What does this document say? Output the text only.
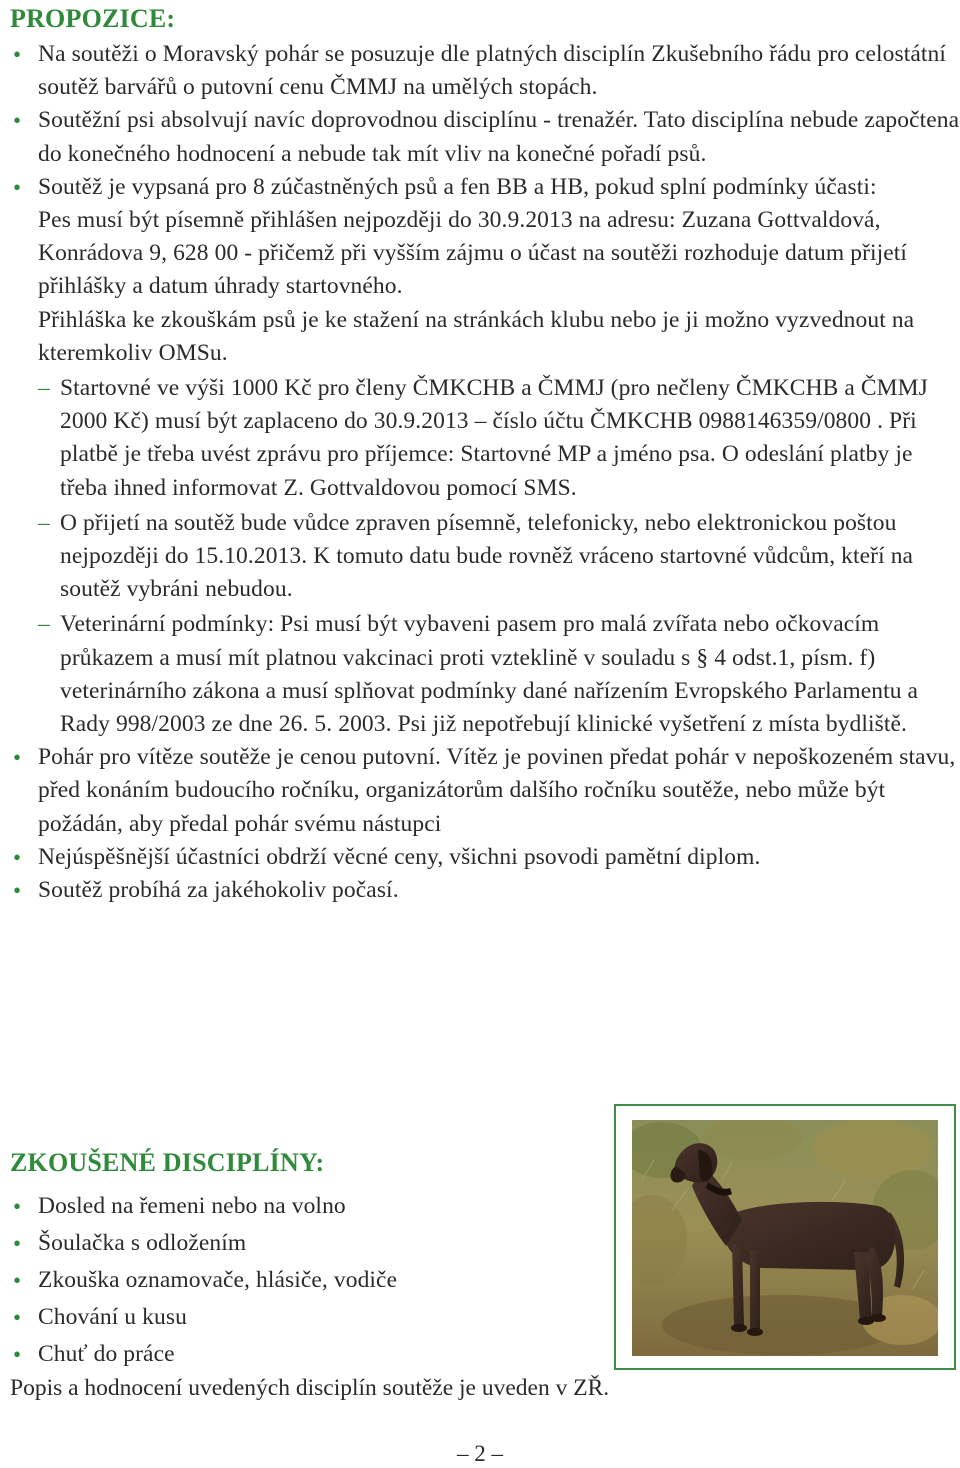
PROPOZICE:
• Na soutěži o Moravský pohár se posuzuje dle platných disciplín Zkušebního řádu pro celostátní soutěž barvářů o putovní cenu ČMMJ na umělých stopách.
• Soutěžní psi absolvují navíc doprovodnou disciplínu - trenažér. Tato disciplína nebude započtena do konečného hodnocení a nebude tak mít vliv na konečné pořadí psů.
• Soutěž je vypsaná pro 8 zúčastněných psů a fen BB a HB, pokud splní podmínky účasti:
Pes musí být písemně přihlášen nejpozději do 30.9.2013 na adresu: Zuzana Gottvaldová, Konrádova 9, 628 00 - přičemž při vyšším zájmu o účast na soutěži rozhoduje datum přijetí přihlášky a datum úhrady startovného.
Přihláška ke zkouškám psů je ke stažení na stránkách klubu nebo je ji možno vyzvednout na kteremkoliv OMSu.
– Startovné ve výši 1000 Kč pro členy ČMKCHB a ČMMJ (pro nečleny ČMKCHB a ČMMJ 2000 Kč) musí být zaplaceno do 30.9.2013 – číslo účtu ČMKCHB 0988146359/0800 . Při platbě je třeba uvést zprávu pro příjemce: Startovné MP a jméno psa. O odeslání platby je třeba ihned informovat Z. Gottvaldovou pomocí SMS.
– O přijetí na soutěž bude vůdce zpraven písemně, telefonicky, nebo elektronickou poštou nejpozději do 15.10.2013. K tomuto datu bude rovněž vráceno startovné vůdcům, kteří na soutěž vybráni nebudou.
– Veterinární podmínky: Psi musí být vybaveni pasem pro malá zvířata nebo očkovacím průkazem a musí mít platnou vakcinaci proti vzteklině v souladu s § 4 odst.1, písm. f) veterinárního zákona a musí splňovat podmínky dané nařízením Evropského Parlamentu a Rady 998/2003 ze dne 26. 5. 2003. Psi již nepotřebují klinické vyšetření z místa bydliště.
• Pohár pro vítěze soutěže je cenou putovní. Vítěz je povinen předat pohár v nepoškozeném stavu, před konáním budoucího ročníku, organizátorům dalšího ročníku soutěže, nebo může být požádán, aby předal pohár svému nástupci
• Nejúspěšnější účastníci obdrží věcné ceny, všichni psovodi pamětní diplom.
• Soutěž probíhá za jakéhokoliv počasí.
ZKOUŠENÉ DISCIPLÍNY:
• Dosled na řemeni nebo na volno
• Šoulačka s odložením
• Zkouška oznamovače, hlásiče, vodiče
• Chování u kusu
• Chuť do práce

Popis a hodnocení uvedených disciplín soutěže je uveden v ZŘ.

– 2 –
